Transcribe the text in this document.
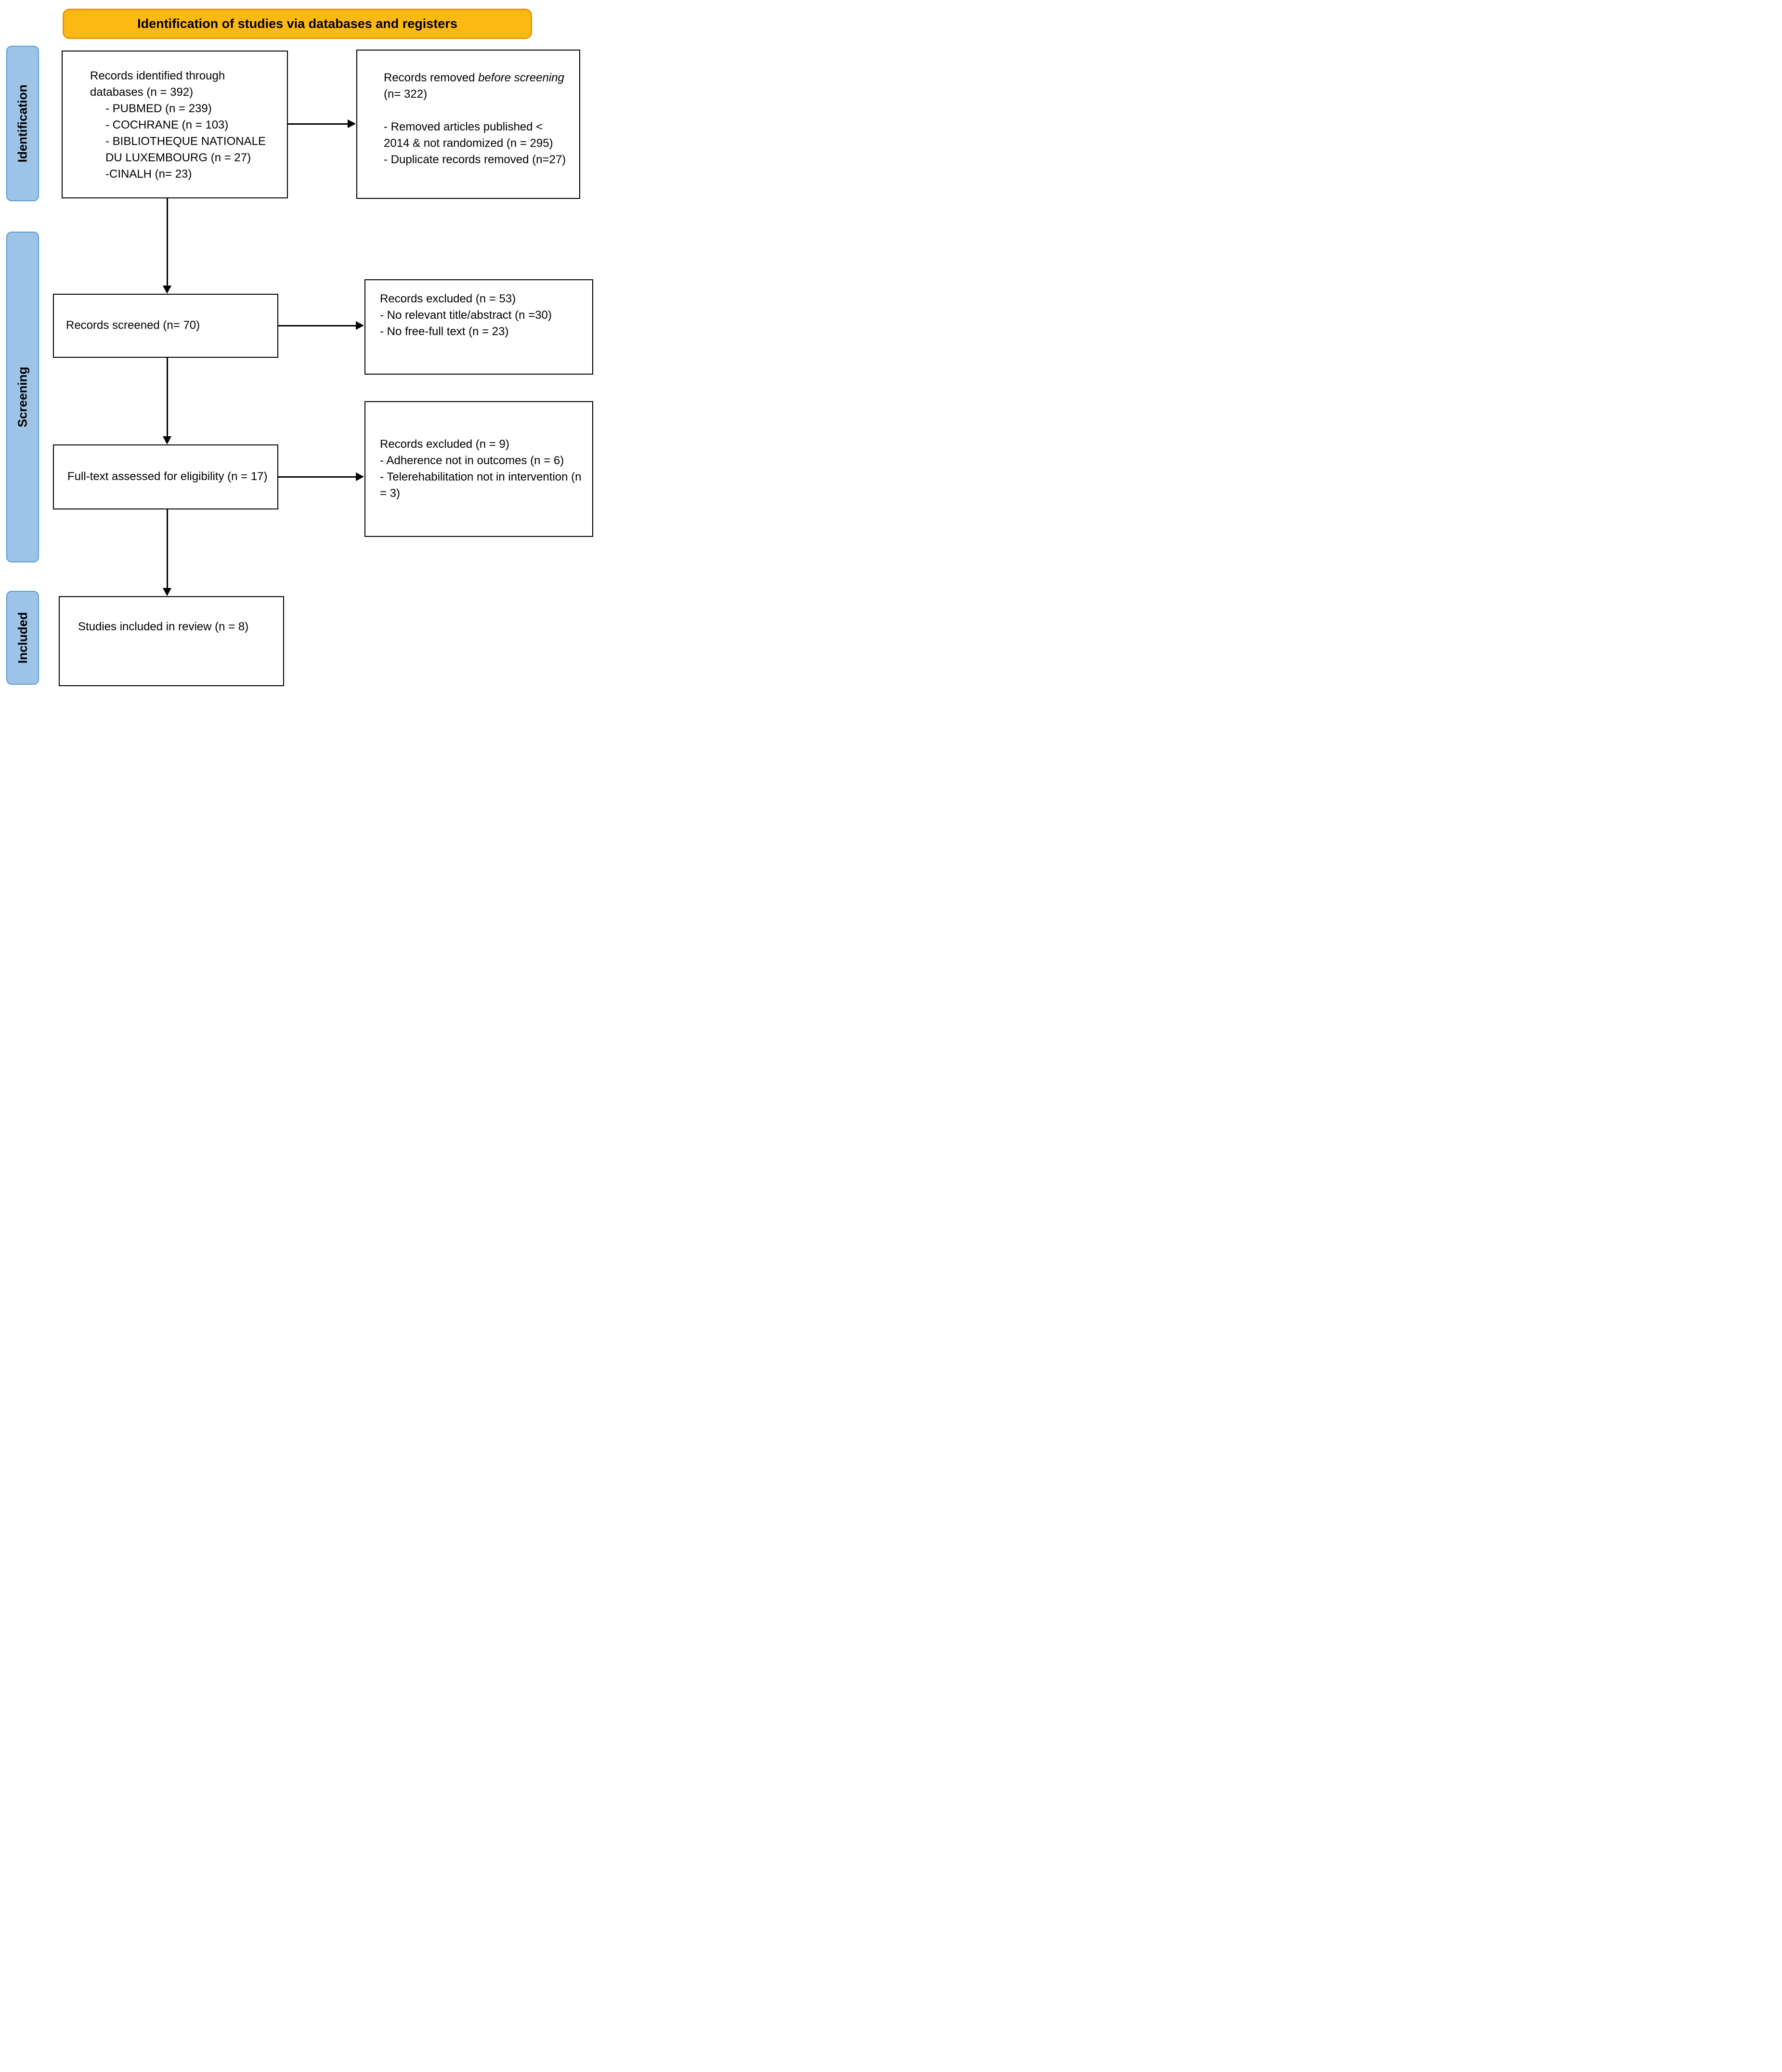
Identification of studies via databases and registers
Identification
Screening
Included

Records identified through databases (n = 392)

- PUBMED (n = 239)
- COCHRANE (n = 103)
- BIBLIOTHEQUE NATIONALE DU LUXEMBOURG (n = 27)
-CINALH (n= 23)

Records removed before screening (n= 322)

- Removed articles published < 2014 & not randomized (n = 295)
- Duplicate records removed (n=27)

Records screened (n= 70)

Records excluded (n = 53)

- No relevant title/abstract (n =30)
- No free-full text (n = 23)

Full-text assessed for eligibility (n = 17)

Records excluded (n = 9)

- Adherence not in outcomes (n = 6)
- Telerehabilitation not in intervention (n = 3)

Studies included in review (n = 8)
